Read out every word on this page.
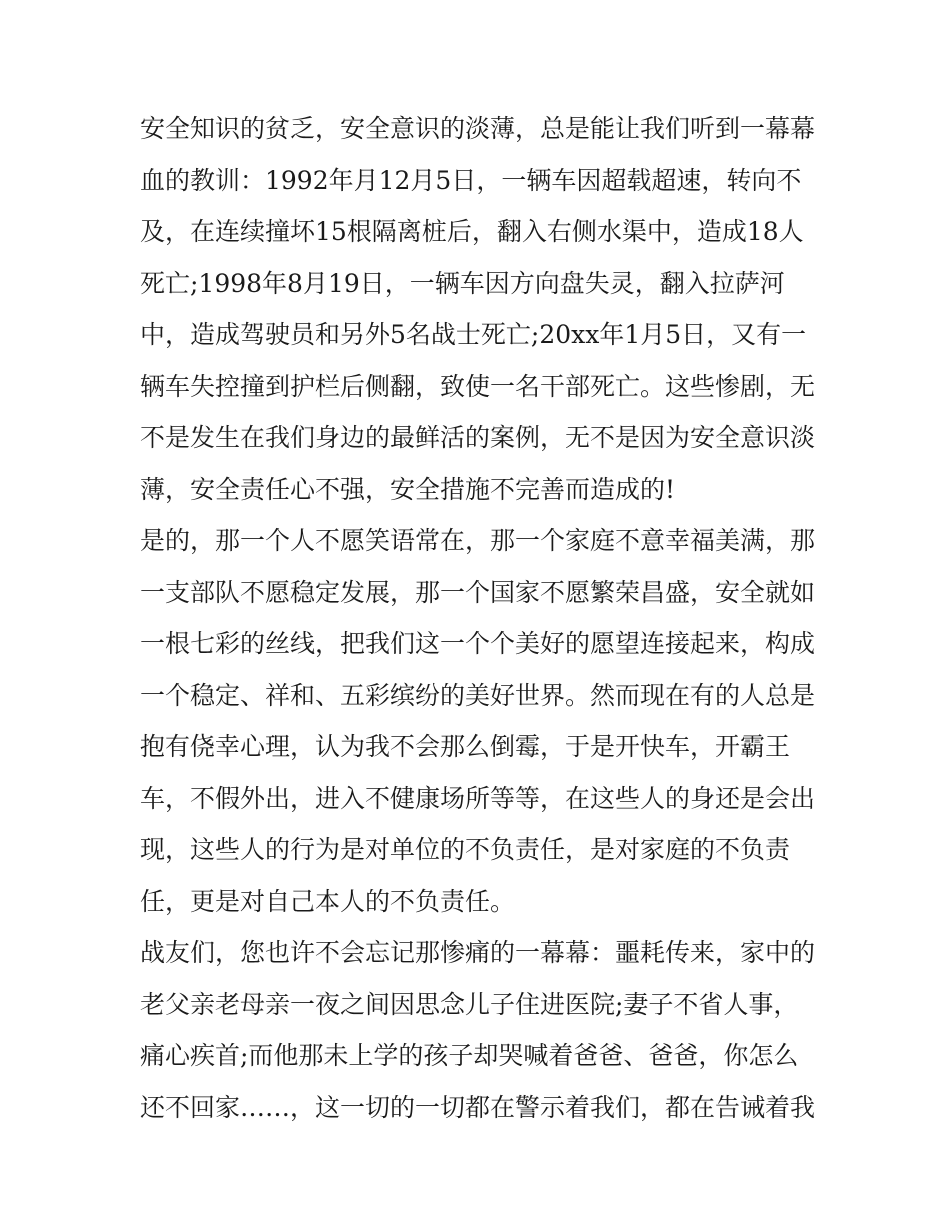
安全知识的贫乏，安全意识的淡薄，总是能让我们听到一幕幕
血的教训：1992年月12月5日，一辆车因超载超速，转向不
及，在连续撞坏15根隔离桩后，翻入右侧水渠中，造成18人
死亡;1998年8月19日，一辆车因方向盘失灵，翻入拉萨河
中，造成驾驶员和另外5名战士死亡;20xx年1月5日，又有一
辆车失控撞到护栏后侧翻，致使一名干部死亡。这些惨剧，无
不是发生在我们身边的最鲜活的案例，无不是因为安全意识淡
薄，安全责任心不强，安全措施不完善而造成的!
是的，那一个人不愿笑语常在，那一个家庭不意幸福美满，那
一支部队不愿稳定发展，那一个国家不愿繁荣昌盛，安全就如
一根七彩的丝线，把我们这一个个美好的愿望连接起来，构成
一个稳定、祥和、五彩缤纷的美好世界。然而现在有的人总是
抱有侥幸心理，认为我不会那么倒霉，于是开快车，开霸王
车，不假外出，进入不健康场所等等，在这些人的身还是会出
现，这些人的行为是对单位的不负责任，是对家庭的不负责
任，更是对自己本人的不负责任。
战友们，您也许不会忘记那惨痛的一幕幕：噩耗传来，家中的
老父亲老母亲一夜之间因思念儿子住进医院;妻子不省人事，
痛心疾首;而他那未上学的孩子却哭喊着爸爸、爸爸，你怎么
还不回家……，这一切的一切都在警示着我们，都在告诫着我
